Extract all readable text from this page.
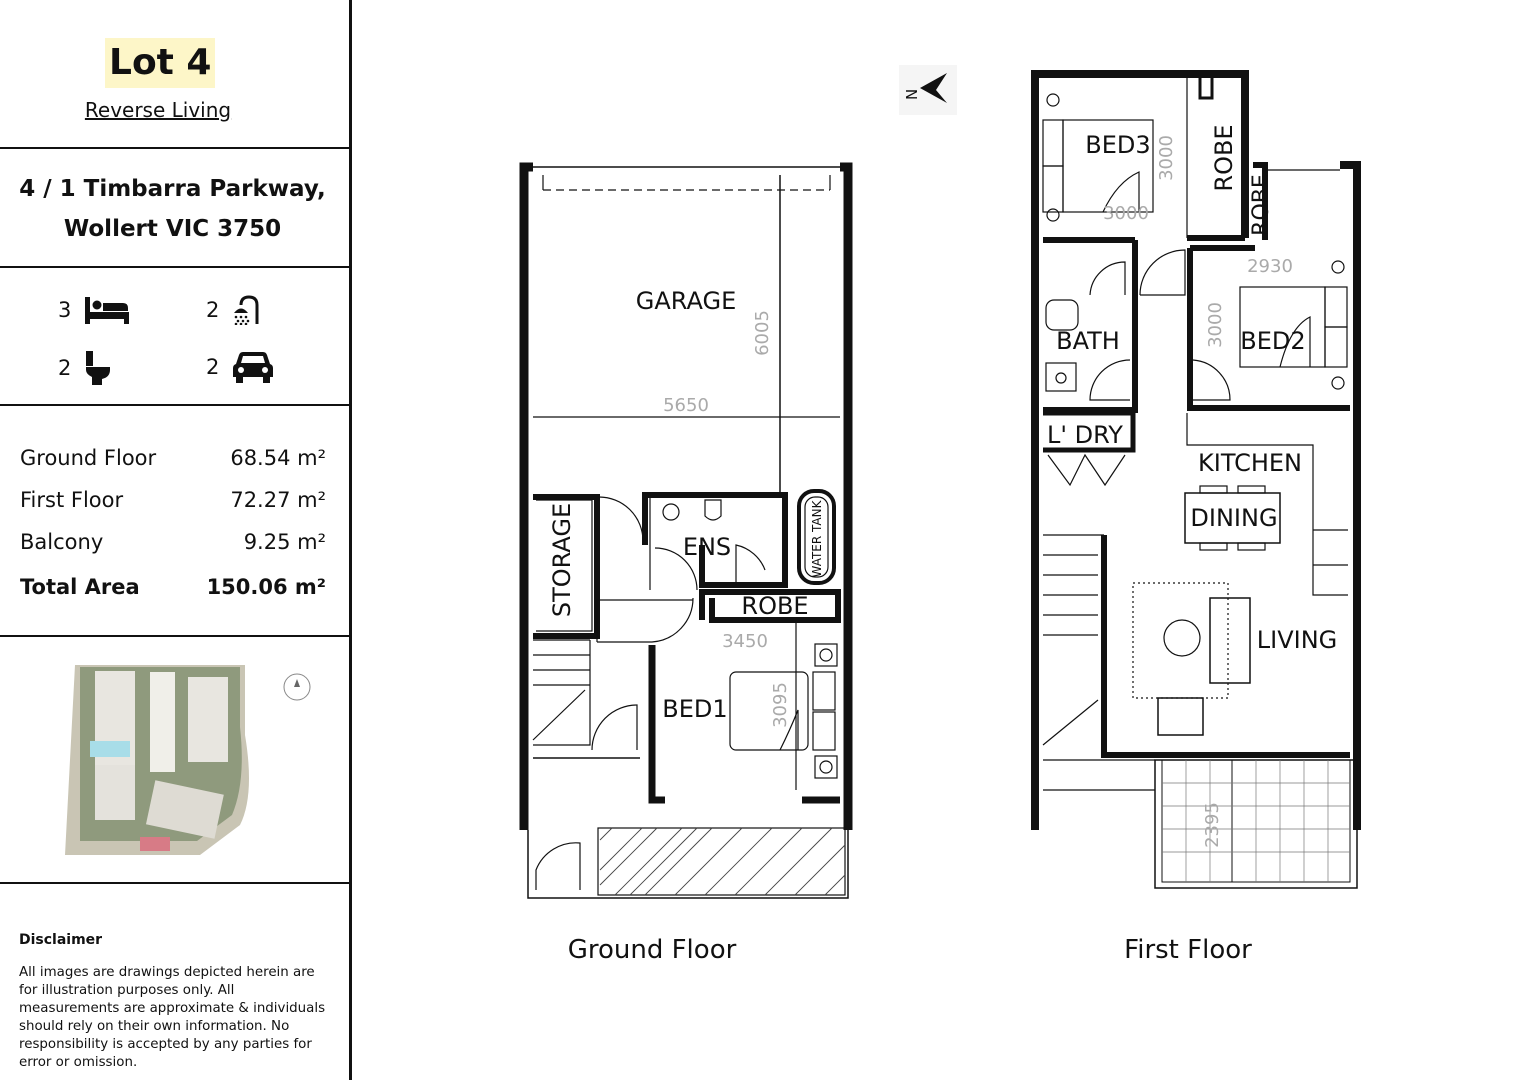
Lot 4
Reverse Living
4 / 1 Timbarra Parkway,
Wollert VIC 3750
3	2
2	2
Ground Floor	68.54 m²
First Floor	72.27 m²
Balcony	9.25 m²
Total Area	150.06 m²
Disclaimer
All images are drawings depicted herein are for illustration purposes only. All measurements are approximate & individuals should rely on their own information. No responsibility is accepted by any parties for error or omission.
N
GARAGE
STORAGE	ENS	WATER TANK
ROBE
BED1
6005
5650
3450
3095
Ground Floor
BED3 ROBE
ROBE
BED2
BATH
L' DRY
KITCHEN
DINING
LIVING
3000
3000
2930
3000
2395
First Floor
